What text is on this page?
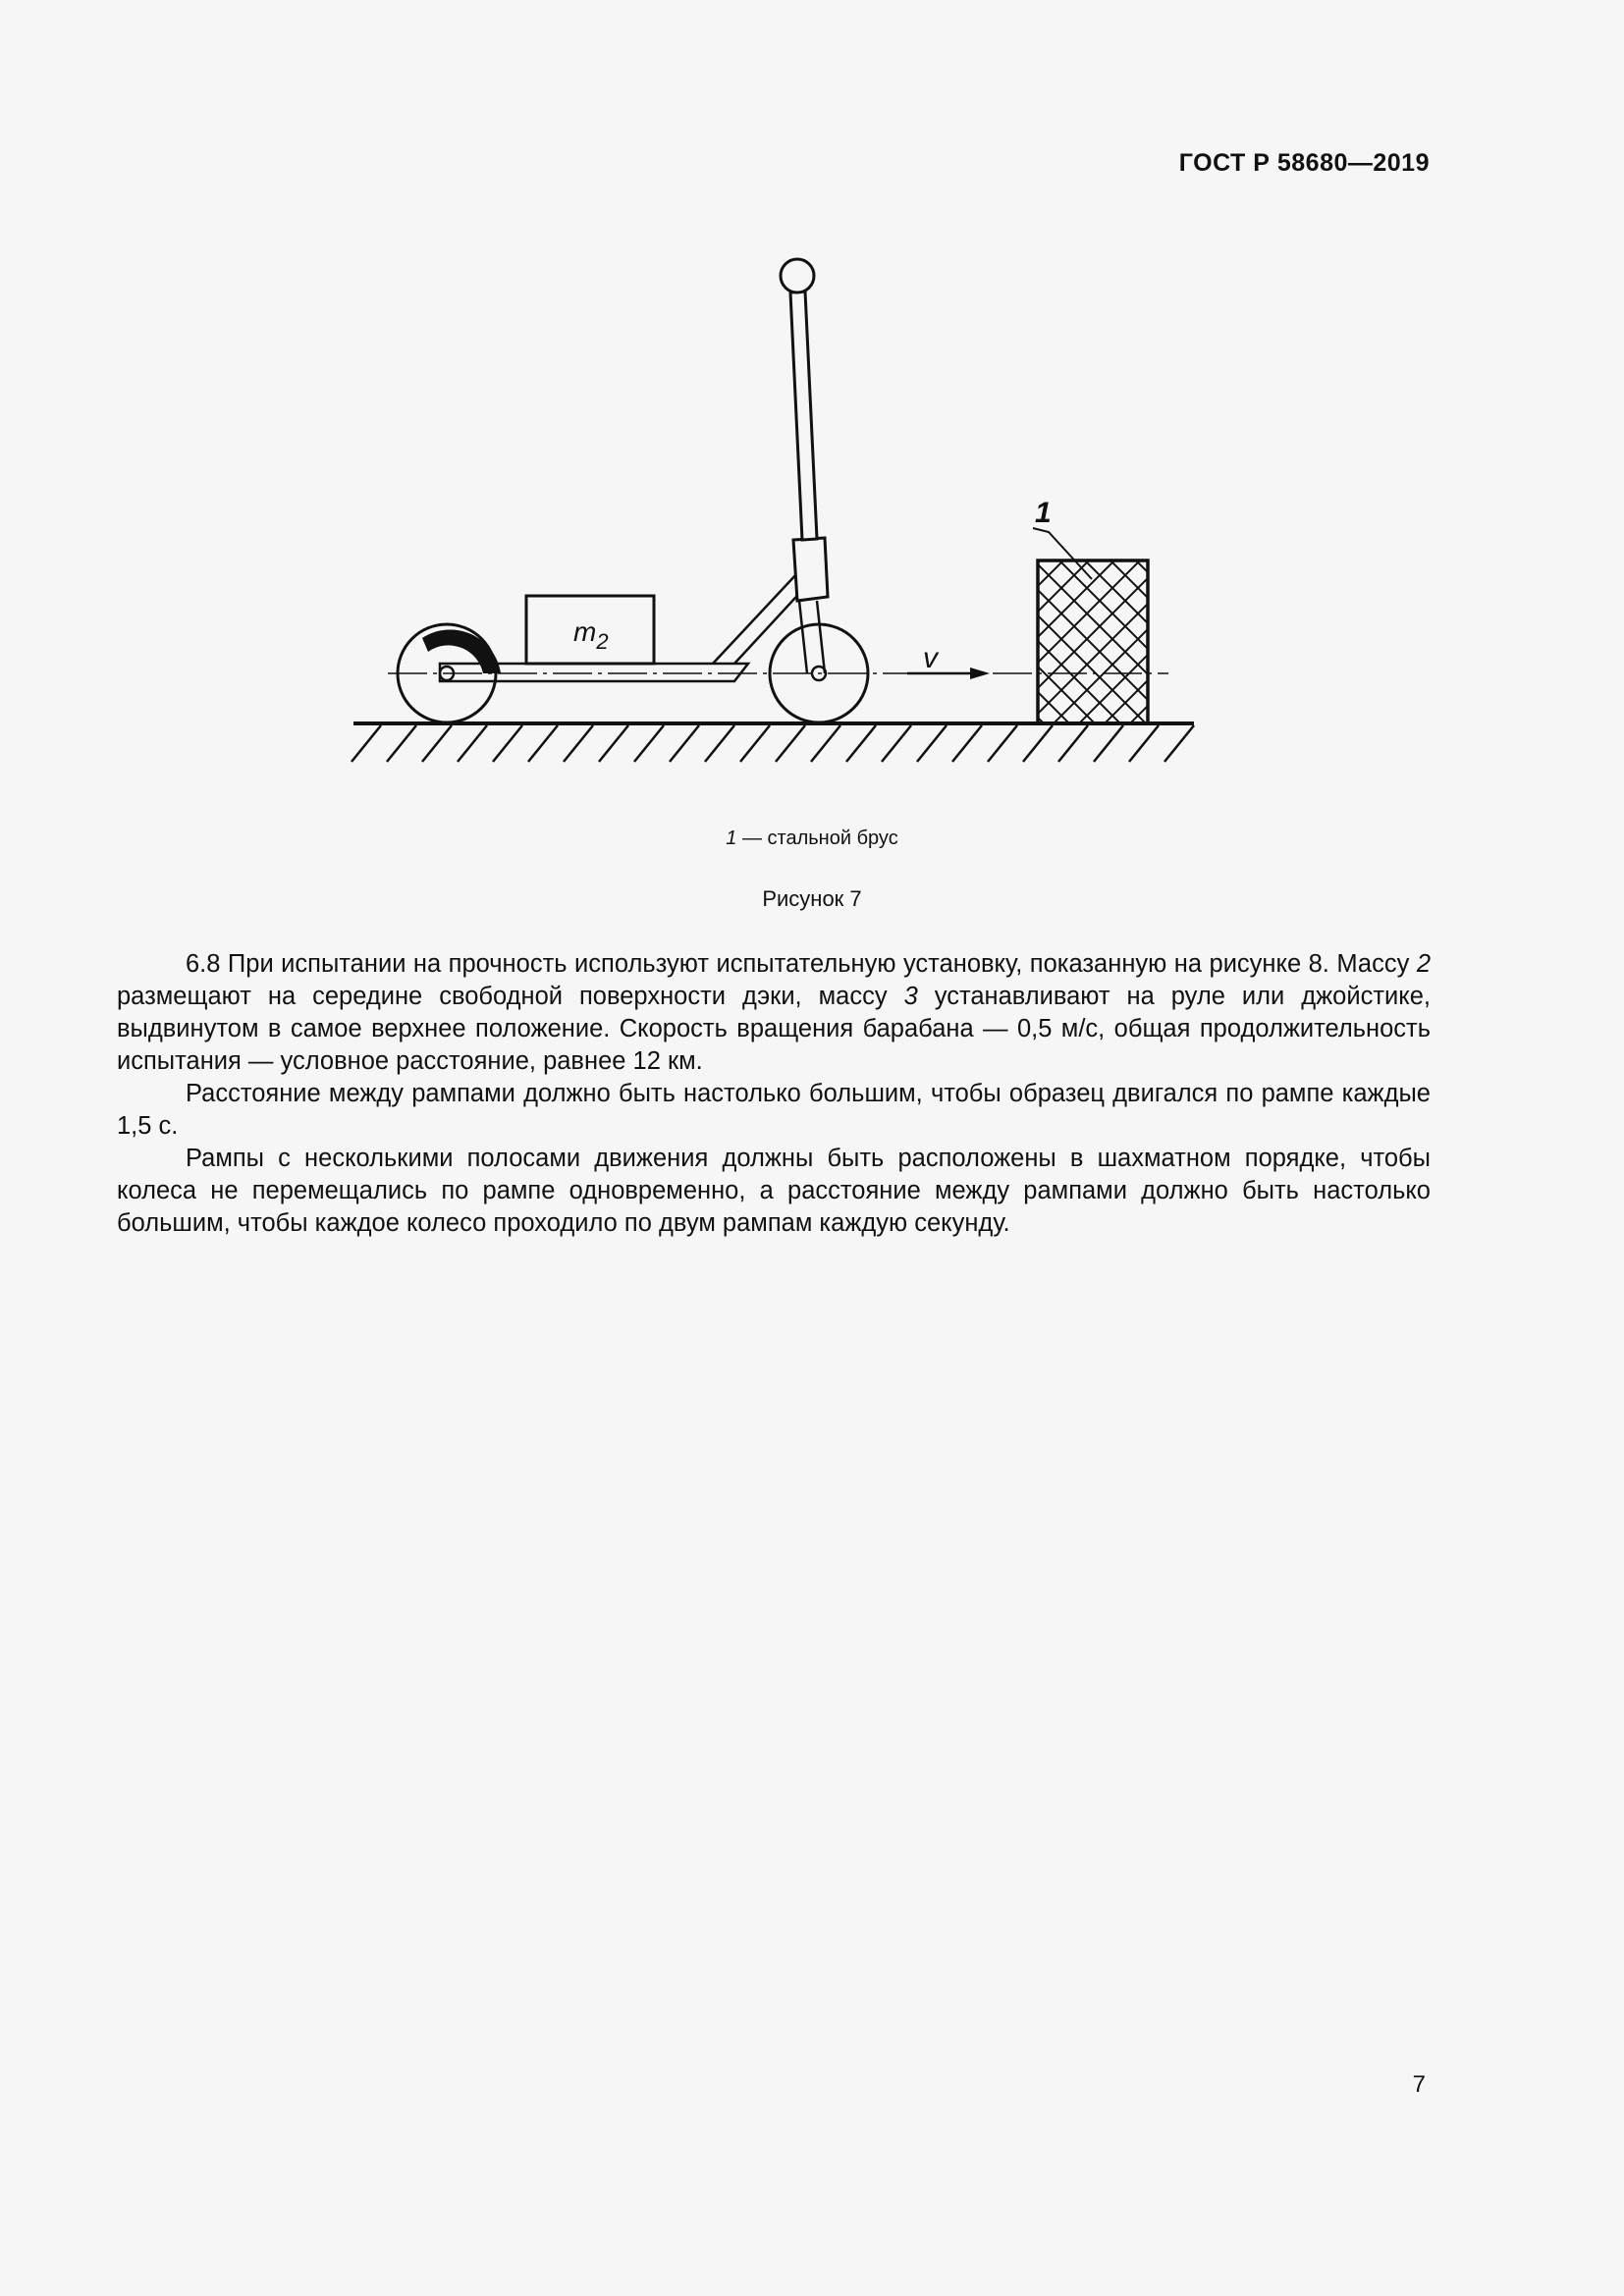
ГОСТ Р 58680—2019
$m_2$
v
1
1 — стальной брус
Рисунок 7

6.8 При испытании на прочность используют испытательную установку, показанную на рисунке 8. Массу 2 размещают на середине свободной поверхности дэки, массу 3 устанавливают на руле или джойстике, выдвинутом в самое верхнее положение. Скорость вращения барабана — 0,5 м/с, общая продолжительность испытания — условное расстояние, равнее 12 км.

Расстояние между рампами должно быть настолько большим, чтобы образец двигался по рампе каждые 1,5 с.

Рампы с несколькими полосами движения должны быть расположены в шахматном порядке, чтобы колеса не перемещались по рампе одновременно, а расстояние между рампами должно быть настолько большим, чтобы каждое колесо проходило по двум рампам каждую секунду.

7
